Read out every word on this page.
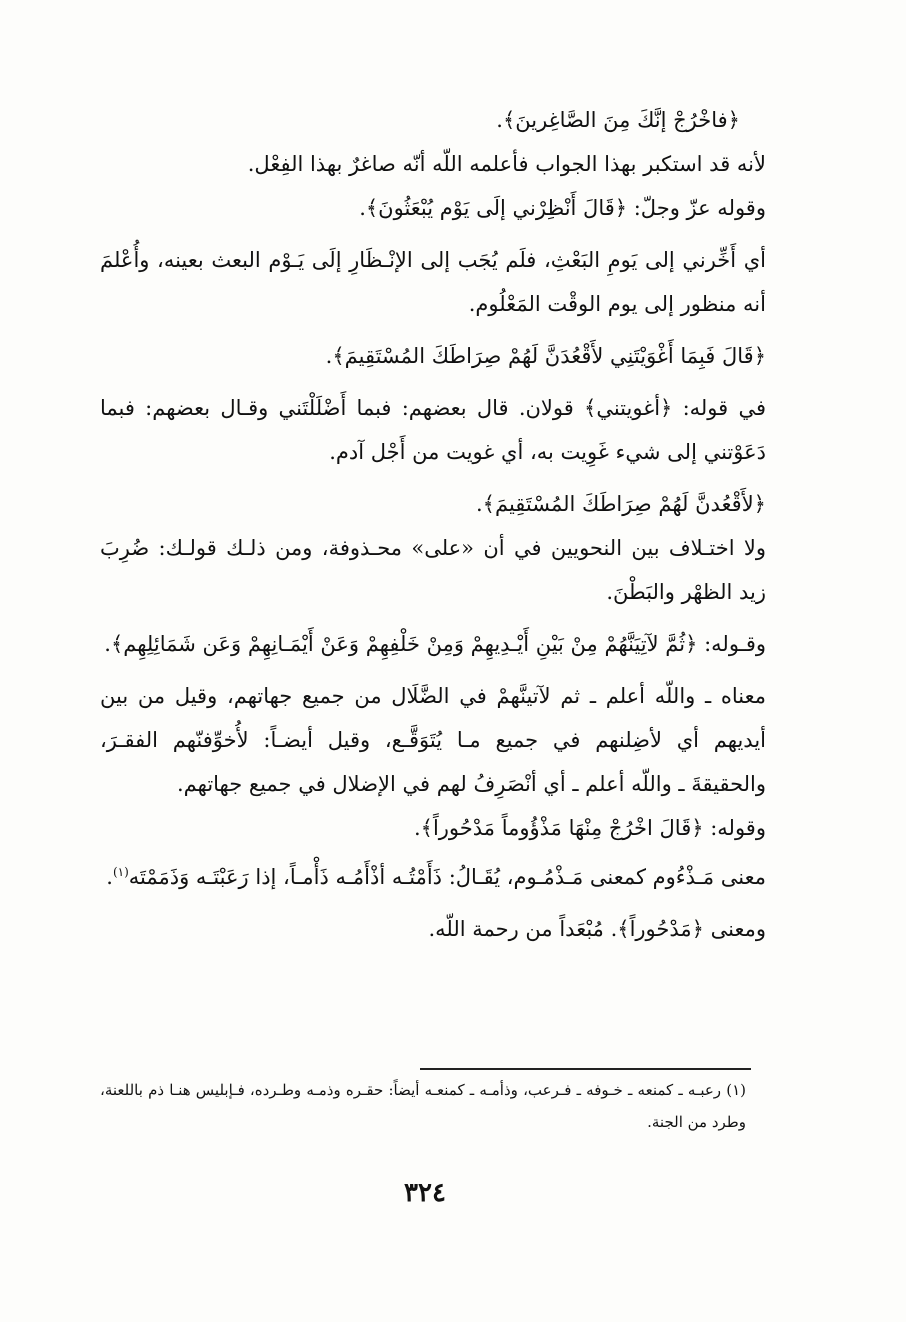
﴿فاخْرُجْ إنَّكَ مِنَ الصَّاغِرينَ﴾.

لأنه قد استكبر بهذا الجواب فأعلمه اللّه أنّه صاغرٌ بهذا الفِعْل.

وقوله عزّ وجلّ: ﴿قَالَ أَنْظِرْني إلَى يَوْم يُبْعَثُونَ﴾.

أي أَخِّرني إلى يَومِ البَعْثِ، فلَم يُجَب إلى الإنْـظَارِ إلَى يَـوْم البعث بعينه، وأُعْلمَ أنه منظور إلى يوم الوقْت المَعْلُوم.

﴿قَالَ فَبِمَا أَغْوَيْتَنِي لأَقْعُدَنَّ لَهُمْ صِرَاطَكَ المُسْتَقِيمَ﴾.

في قوله: ﴿أغويتني﴾ قولان. قال بعضهم: فبما أَضْلَلْتَني وقـال بعضهم: فبما دَعَوْتني إلى شيء غَوِيت به، أي غويت من أَجْل آدم.

﴿لأَقْعُدنَّ لَهُمْ صِرَاطَكَ المُسْتَقِيمَ﴾.

ولا اختـلاف بين النحويين في أن «على» محـذوفة، ومن ذلـك قولـك: ضُرِبَ زيد الظهْر والبَطْنَ.

وقـوله: ﴿ثُمَّ لآتِيَنَّهُمْ مِنْ بَيْنِ أَيْـدِيهِمْ وَمِنْ خَلْفِهِمْ وَعَنْ أَيْمَـانِهِمْ وَعَن شَمَائِلِهِم﴾.

معناه ـ واللّه أعلم ـ ثم لآتينَّهمْ في الضَّلَال من جميع جهاتهم، وقيل من بين أيديهم أي لأضِلنهم في جميع مـا يُتَوَقَّـع، وقيل أيضـاً: لأُخوِّفنّهم الفقـرَ، والحقيقةَ ـ واللّه أعلم ـ أي أنْصَرِفُ لهم في الإضلال في جميع جهاتهم.

وقوله: ﴿قَالَ اخْرُجْ مِنْهَا مَذْؤُوماً مَدْحُوراً﴾.

معنى مَـذْءُوم كمعنى مَـذْمُـوم، يُقَـالُ: ذَأَمْتُـه أذْأَمُـه ذَأْمـاً، إذا رَعَبْتَـه وَذَمَمْتَه$^{(١)}$.

ومعنى ﴿مَدْحُوراً﴾. مُبْعَداً من رحمة اللّه.

(١) رعبـه ـ كمنعه ـ خـوفه ـ فـرعب، وذأمـه ـ كمنعـه أيضاً: حقـره وذمـه وطـرده، فـإبليس هنـا ذم باللعنة، وطرد من الجنة.
٣٢٤
